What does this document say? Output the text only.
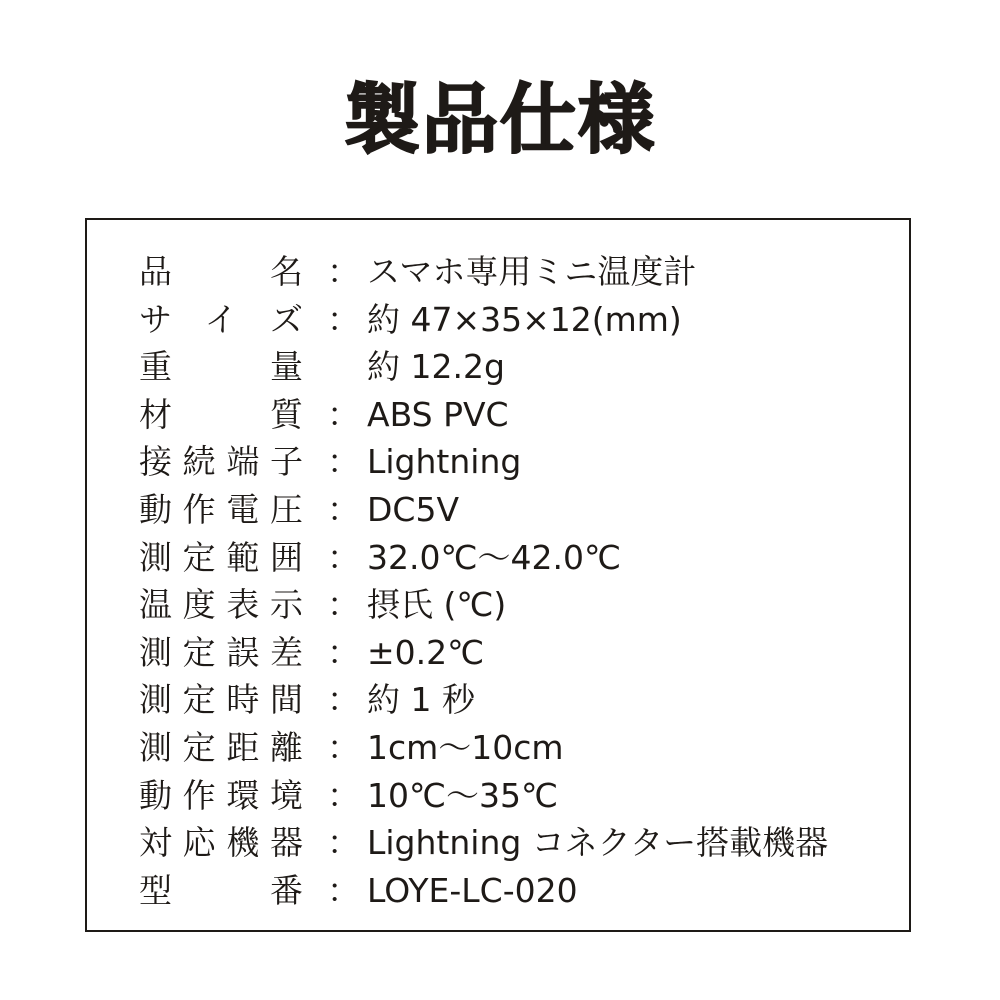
製品仕様
品	名 ： スマホ専用ミニ温度計
サ イ ズ ： 約 47×35×12(mm)
重	量 約 12.2g
材	質 ： ABS PVC
接 続 端 子 ： Lightning
動 作 電 圧 ： DC5V
測 定 範 囲 ： 32.0℃〜42.0℃
温 度 表 示 ： 摂氏 (℃)
測 定 誤 差 ： ±0.2℃
測 定 時 間 ： 約 1 秒
測 定 距 離 ： 1cm〜10cm
動 作 環 境 ： 10℃〜35℃
対 応 機 器 ： Lightning コネクター搭載機器
型	番 ： LOYE-LC-020
